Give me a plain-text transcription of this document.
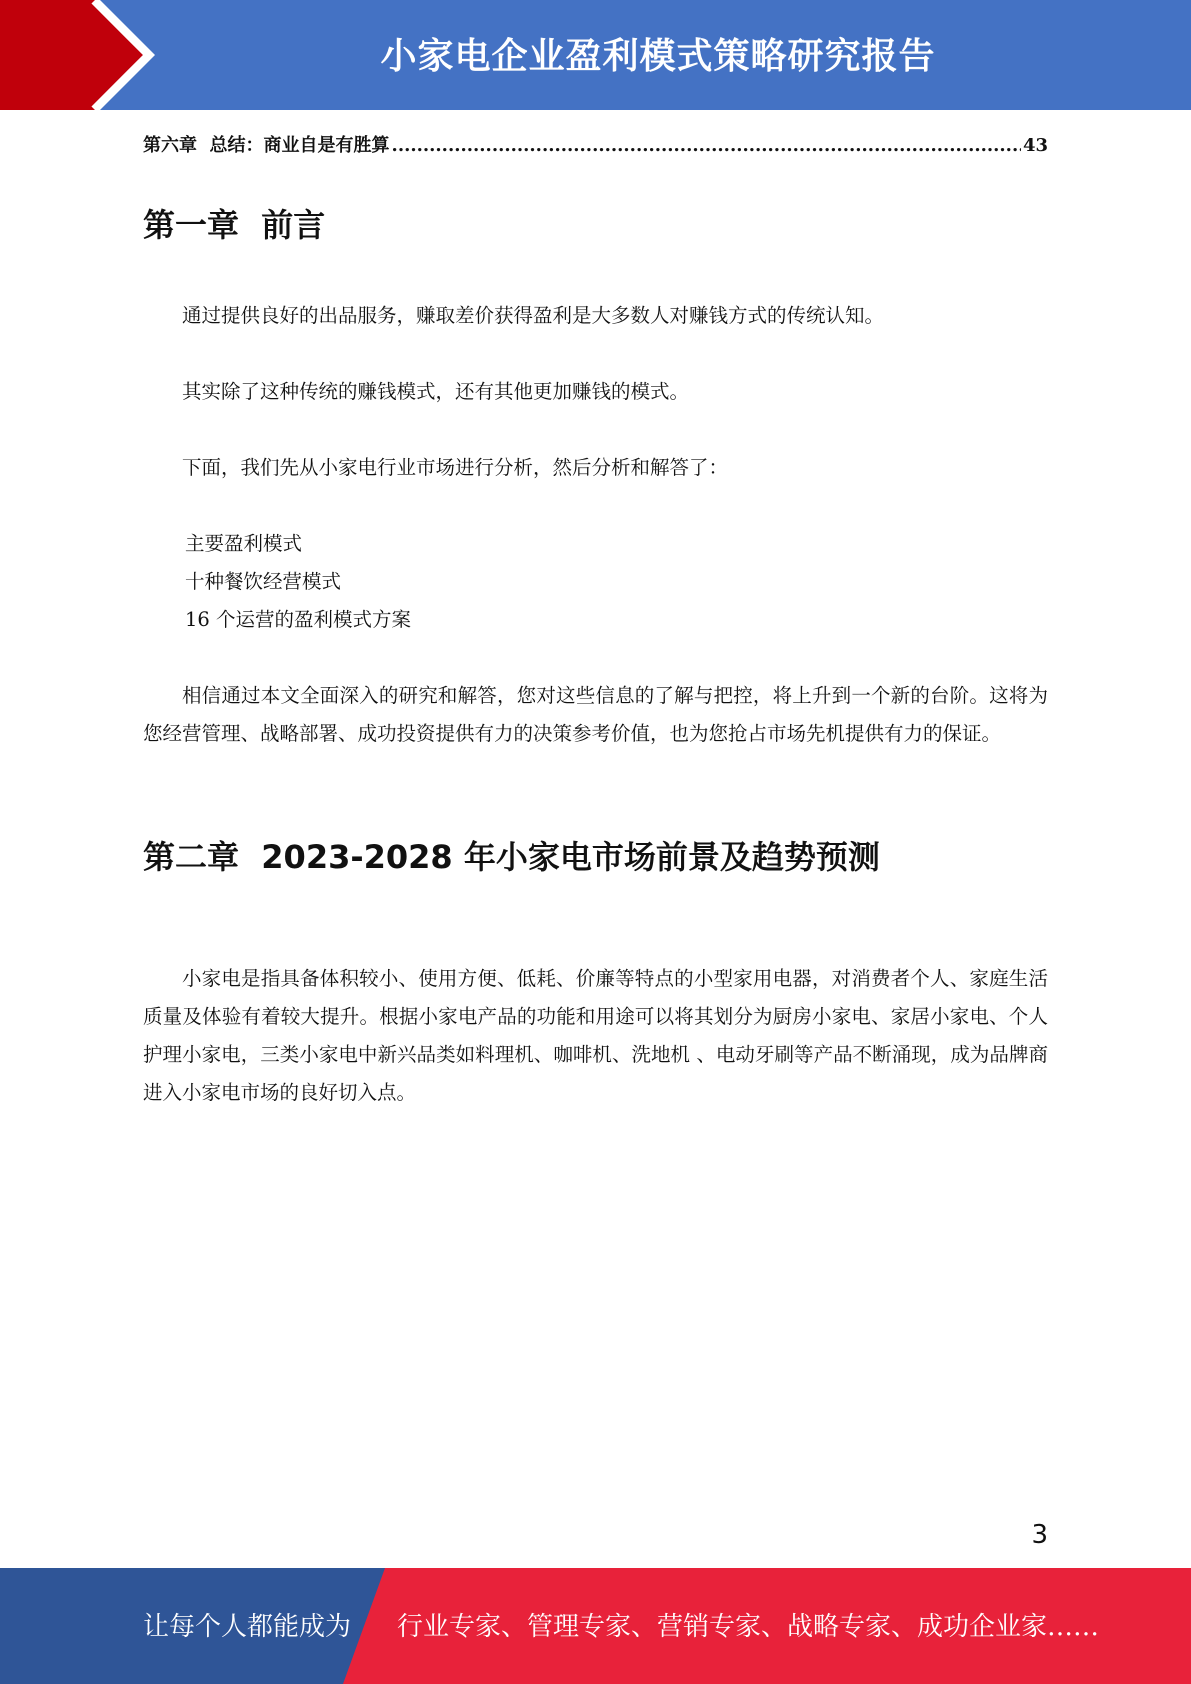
小家电企业盈利模式策略研究报告
第六章  总结：商业自是有胜算
.....	43
第一章  前言

通过提供良好的出品服务，赚取差价获得盈利是大多数人对赚钱方式的传统认知。

其实除了这种传统的赚钱模式，还有其他更加赚钱的模式。

下面，我们先从小家电行业市场进行分析，然后分析和解答了：

主要盈利模式

十种餐饮经营模式

16 个运营的盈利模式方案

相信通过本文全面深入的研究和解答，您对这些信息的了解与把控，将上升到一个新的台阶。这将为您经营管理、战略部署、成功投资提供有力的决策参考价值，也为您抢占市场先机提供有力的保证。

第二章  2023-2028 年小家电市场前景及趋势预测

小家电是指具备体积较小、使用方便、低耗、价廉等特点的小型家用电器，对消费者个人、家庭生活质量及体验有着较大提升。根据小家电产品的功能和用途可以将其划分为厨房小家电、家居小家电、个人护理小家电，三类小家电中新兴品类如料理机、咖啡机、洗地机 、电动牙刷等产品不断涌现，成为品牌商进入小家电市场的良好切入点。

3
让每个人都能成为 行业专家、管理专家、营销专家、战略专家、成功企业家……
